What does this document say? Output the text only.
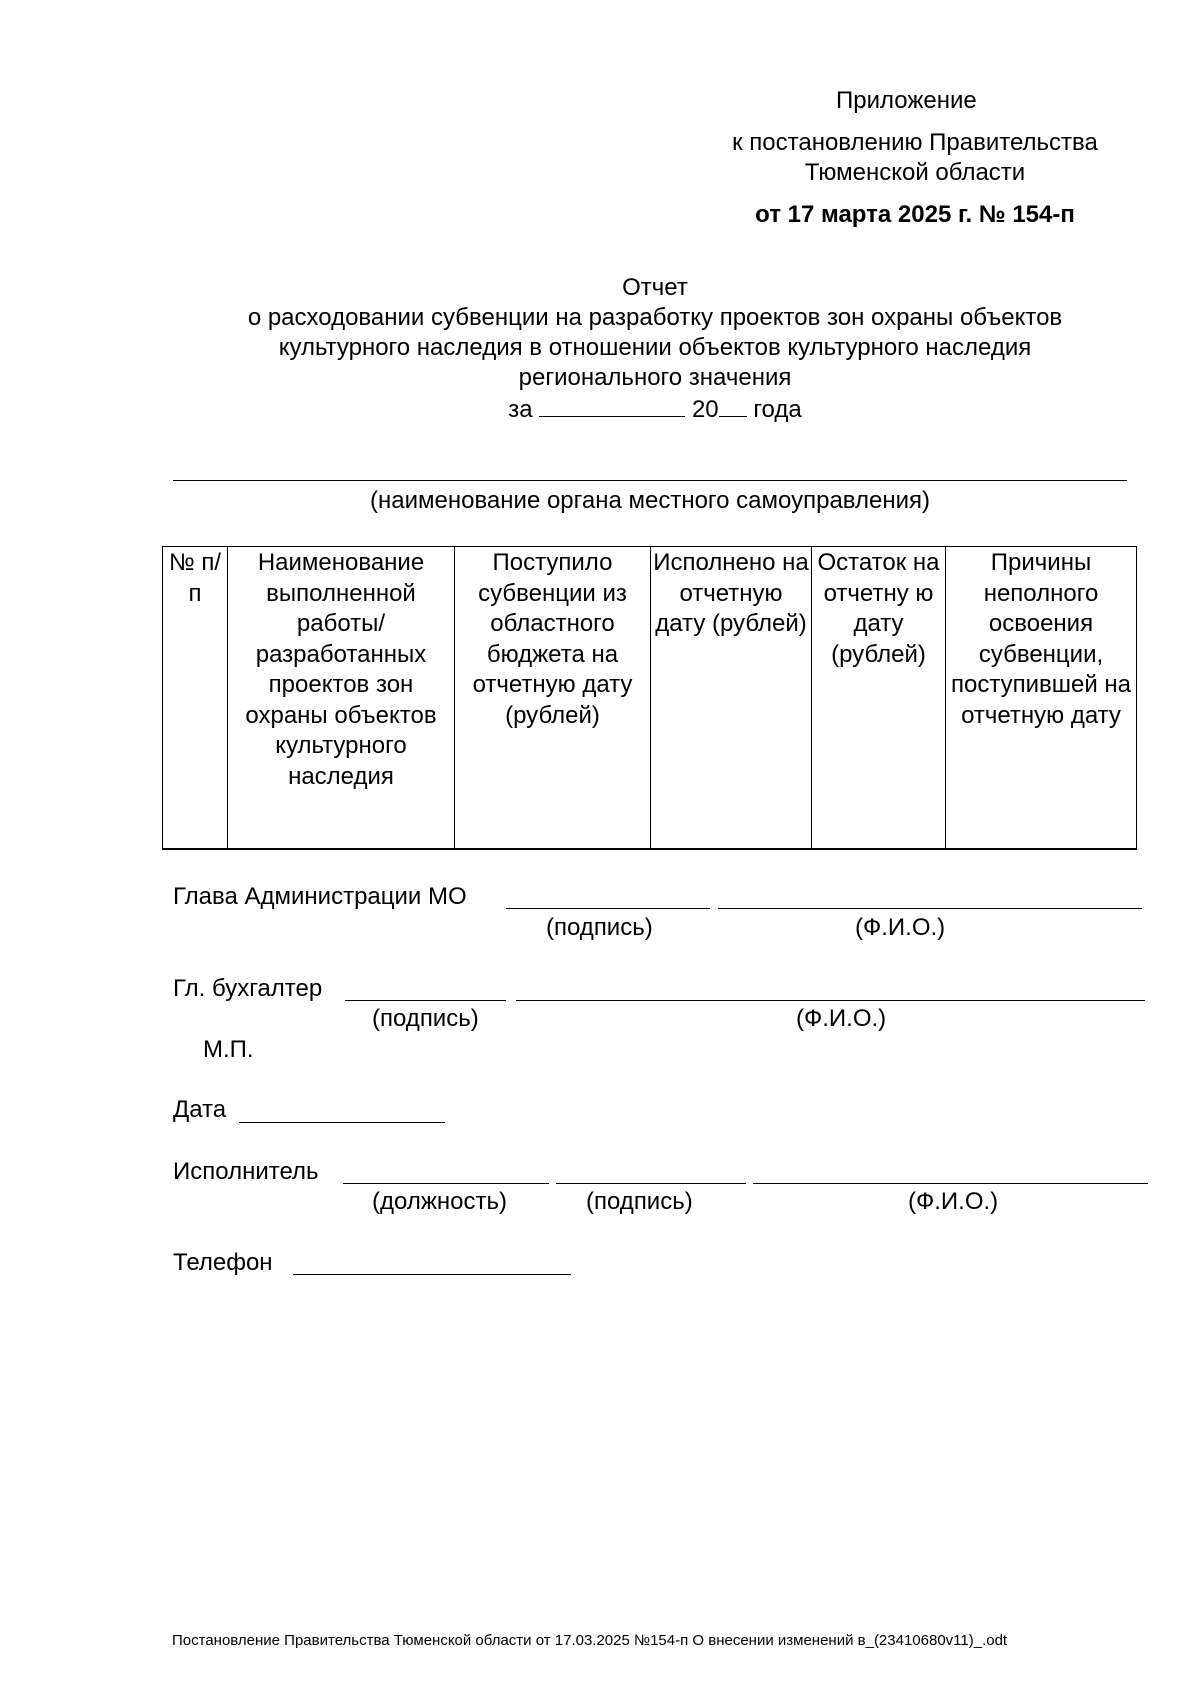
Приложение
к постановлению Правительства
Тюменской области
от 17 марта 2025 г. № 154-п
Отчет
о расходовании субвенции на разработку проектов зон охраны объектов
культурного наследия в отношении объектов культурного наследия
регионального значения
за	20 года
(наименование органа местного самоуправления)
№ п/п	Наименование выполненной работы/ разработанных проектов зон охраны объектов культурного наследия	Поступило субвенции из областного бюджета на отчетную дату (рублей)	Исполнено на отчетную дату (рублей)	Остаток на отчетну ю дату (рублей)	Причины неполного освоения субвенции, поступившей на отчетную дату

Глава Администрации МО
(подпись)	(Ф.И.О.)
Гл. бухгалтер
(подпись)	(Ф.И.О.)
М.П.
Дата
Исполнитель
(должность)	(подпись)	(Ф.И.О.)
Телефон
Постановление Правительства Тюменской области от 17.03.2025 №154-п О внесении изменений в_(23410680v11)_.odt
